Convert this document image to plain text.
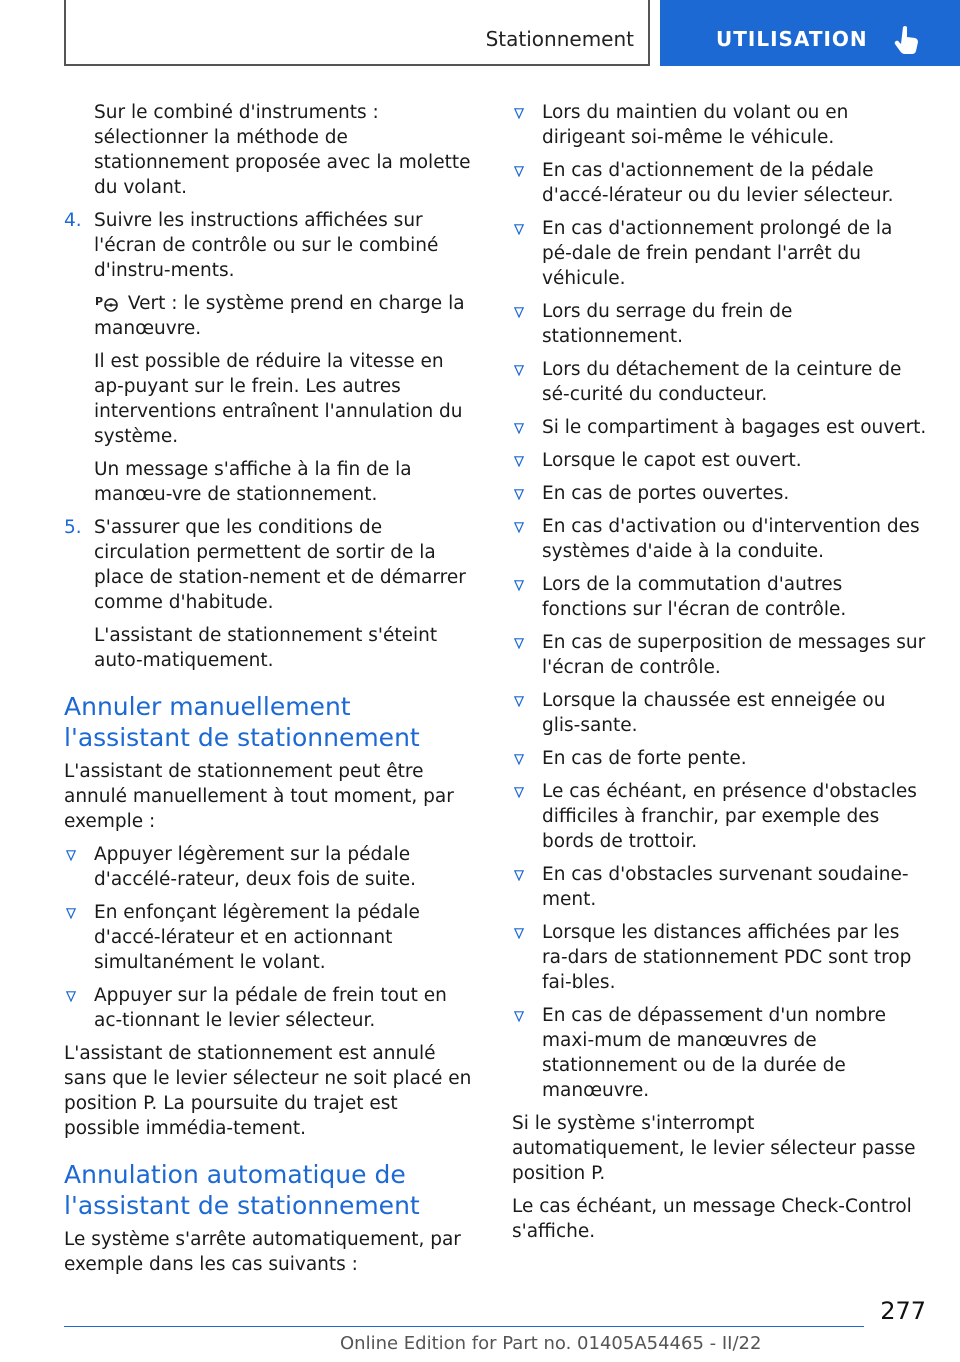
Stationnement	UTILISATION
Sur le combiné d'instruments : sélectionner la méthode de stationnement proposée avec la molette du volant.
4. Suivre les instructions affichées sur l'écran de contrôle ou sur le combiné d'instru-ments.
P Vert : le système prend en charge la manœuvre.
Il est possible de réduire la vitesse en ap-puyant sur le frein. Les autres interventions entraînent l'annulation du système.
Un message s'affiche à la fin de la manœu-vre de stationnement.
5. S'assurer que les conditions de circulation permettent de sortir de la place de station-nement et de démarrer comme d'habitude.
L'assistant de stationnement s'éteint auto-matiquement.
Annuler manuellement l'assistant de stationnement
L'assistant de stationnement peut être annulé manuellement à tout moment, par exemple :
Appuyer légèrement sur la pédale d'accélé-rateur, deux fois de suite.
En enfonçant légèrement la pédale d'accé-lérateur et en actionnant simultanément le volant.
Appuyer sur la pédale de frein tout en ac-tionnant le levier sélecteur.
L'assistant de stationnement est annulé sans que le levier sélecteur ne soit placé en position P. La poursuite du trajet est possible immédia-tement.
Annulation automatique de l'assistant de stationnement
Le système s'arrête automatiquement, par exemple dans les cas suivants :
Lors du maintien du volant ou en dirigeant soi-même le véhicule.
En cas d'actionnement de la pédale d'accé-lérateur ou du levier sélecteur.
En cas d'actionnement prolongé de la pé-dale de frein pendant l'arrêt du véhicule.
Lors du serrage du frein de stationnement.
Lors du détachement de la ceinture de sé-curité du conducteur.
Si le compartiment à bagages est ouvert.
Lorsque le capot est ouvert.
En cas de portes ouvertes.
En cas d'activation ou d'intervention des systèmes d'aide à la conduite.
Lors de la commutation d'autres fonctions sur l'écran de contrôle.
En cas de superposition de messages sur l'écran de contrôle.
Lorsque la chaussée est enneigée ou glis-sante.
En cas de forte pente.
Le cas échéant, en présence d'obstacles difficiles à franchir, par exemple des bords de trottoir.
En cas d'obstacles survenant soudaine-ment.
Lorsque les distances affichées par les ra-dars de stationnement PDC sont trop fai-bles.
En cas de dépassement d'un nombre maxi-mum de manœuvres de stationnement ou de la durée de manœuvre.
Si le système s'interrompt automatiquement, le levier sélecteur passe position P.
Le cas échéant, un message Check-Control s'affiche.
277
Online Edition for Part no. 01405A54465 - II/22
